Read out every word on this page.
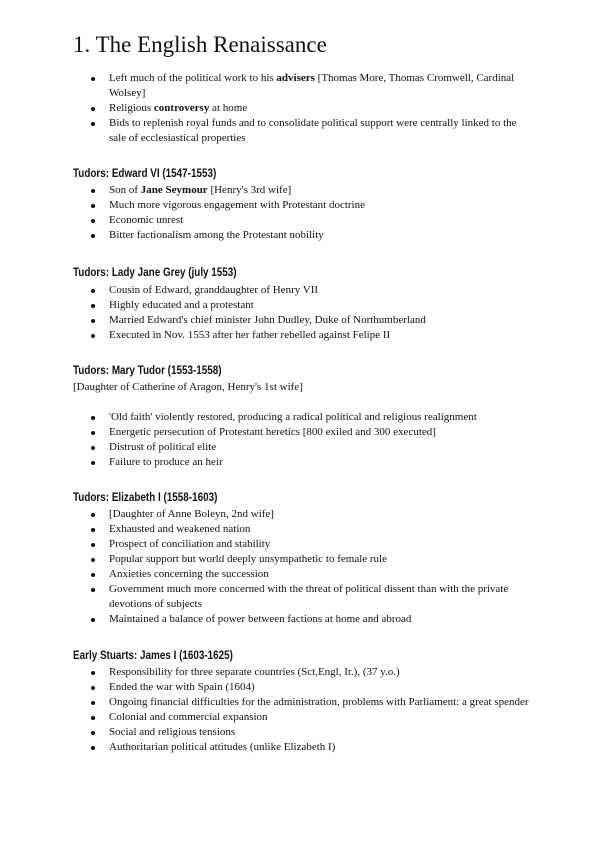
1. The English Renaissance
Left much of the political work to his advisers [Thomas More, Thomas Cromwell, Cardinal Wolsey]
Religious controversy at home
Bids to replenish royal funds and to consolidate political support were centrally linked to the sale of ecclesiastical properties
Tudors: Edward VI (1547-1553)
Son of Jane Seymour [Henry's 3rd wife]
Much more vigorous engagement with Protestant doctrine
Economic unrest
Bitter factionalism among the Protestant nobility
Tudors: Lady Jane Grey (july 1553)
Cousin of Edward, granddaughter of Henry VII
Highly educated and a protestant
Married Edward's chief minister John Dudley, Duke of Northumberland
Executed in Nov. 1553 after her father rebelled against Felipe II
Tudors: Mary Tudor (1553-1558)
[Daughter of Catherine of Aragon, Henry's 1st wife]
'Old faith' violently restored, producing a radical political and religious realignment
Energetic persecution of Protestant heretics [800 exiled and 300 executed]
Distrust of political elite
Failure to produce an heir
Tudors: Elizabeth I (1558-1603)
[Daughter of Anne Boleyn, 2nd wife]
Exhausted and weakened nation
Prospect of conciliation and stability
Popular support but world deeply unsympathetic to female rule
Anxieties concerning the succession
Government much more concerned with the threat of political dissent than with the private devotions of subjects
Maintained a balance of power between factions at home and abroad
Early Stuarts: James I (1603-1625)
Responsibility for three separate countries (Sct,Engl, Ir.), (37 y.o.)
Ended the war with Spain (1604)
Ongoing financial difficulties for the administration, problems with Parliament: a great spender
Colonial and commercial expansion
Social and religious tensions
Authoritarian political attitudes (unlike Elizabeth I)
